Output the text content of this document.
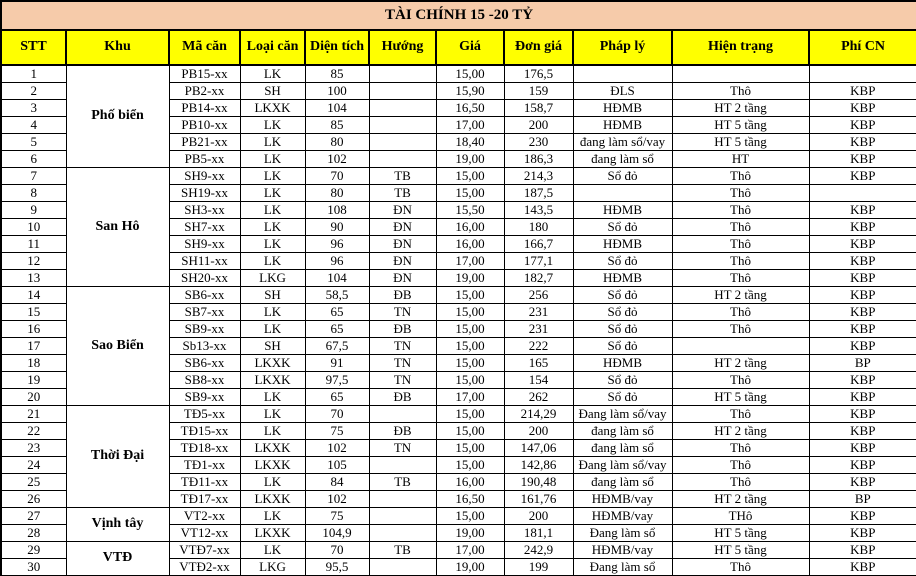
TÀI CHÍNH 15 -20 TỶ										
STT	Khu	Mã căn	Loại căn	Diện tích	Hướng	Giá	Đơn giá	Pháp lý	Hiện trạng	Phí CN
1	Phố biển	PB15-xx	LK	85		15,00	176,5			
2		PB2-xx	SH	100		15,90	159	ĐLS	Thô	KBP
3		PB14-xx	LKXK	104		16,50	158,7	HĐMB	HT 2 tầng	KBP
4		PB10-xx	LK	85		17,00	200	HĐMB	HT 5 tầng	KBP
5		PB21-xx	LK	80		18,40	230	đang làm sổ/vay	HT 5 tầng	KBP
6		PB5-xx	LK	102		19,00	186,3	đang làm sổ	HT	KBP
7	San Hô	SH9-xx	LK	70	TB	15,00	214,3	Sổ đỏ	Thô	KBP
8		SH19-xx	LK	80	TB	15,00	187,5		Thô	
9		SH3-xx	LK	108	ĐN	15,50	143,5	HĐMB	Thô	KBP
10		SH7-xx	LK	90	ĐN	16,00	180	Sổ đỏ	Thô	KBP
11		SH9-xx	LK	96	ĐN	16,00	166,7	HĐMB	Thô	KBP
12		SH11-xx	LK	96	ĐN	17,00	177,1	Sổ đỏ	Thô	KBP
13		SH20-xx	LKG	104	ĐN	19,00	182,7	HĐMB	Thô	KBP
14	Sao Biển	SB6-xx	SH	58,5	ĐB	15,00	256	Sổ đỏ	HT 2 tầng	KBP
15		SB7-xx	LK	65	TN	15,00	231	Sổ đỏ	Thô	KBP
16		SB9-xx	LK	65	ĐB	15,00	231	Sổ đỏ	Thô	KBP
17		Sb13-xx	SH	67,5	TN	15,00	222	Sổ đỏ		KBP
18		SB6-xx	LKXK	91	TN	15,00	165	HĐMB	HT 2 tầng	BP
19		SB8-xx	LKXK	97,5	TN	15,00	154	Sổ đỏ	Thô	KBP
20		SB9-xx	LK	65	ĐB	17,00	262	Sổ đỏ	HT 5 tầng	KBP
21	Thời Đại	TĐ5-xx	LK	70		15,00	214,29	Đang làm sổ/vay	Thô	KBP
22		TĐ15-xx	LK	75	ĐB	15,00	200	đang làm sổ	HT 2 tầng	KBP
23		TĐ18-xx	LKXK	102	TN	15,00	147,06	đang làm sổ	Thô	KBP
24		TĐ1-xx	LKXK	105		15,00	142,86	Đang làm sổ/vay	Thô	KBP
25		TĐ11-xx	LK	84	TB	16,00	190,48	đang làm sổ	Thô	KBP
26		TĐ17-xx	LKXK	102		16,50	161,76	HĐMB/vay	HT 2 tầng	BP
27	Vịnh tây	VT2-xx	LK	75		15,00	200	HĐMB/vay	THô	KBP
28		VT12-xx	LKXK	104,9		19,00	181,1	Đang làm sổ	HT 5 tầng	KBP
29	VTĐ	VTĐ7-xx	LK	70	TB	17,00	242,9	HĐMB/vay	HT 5 tầng	KBP
30		VTĐ2-xx	LKG	95,5		19,00	199	Đang làm sổ	Thô	KBP
